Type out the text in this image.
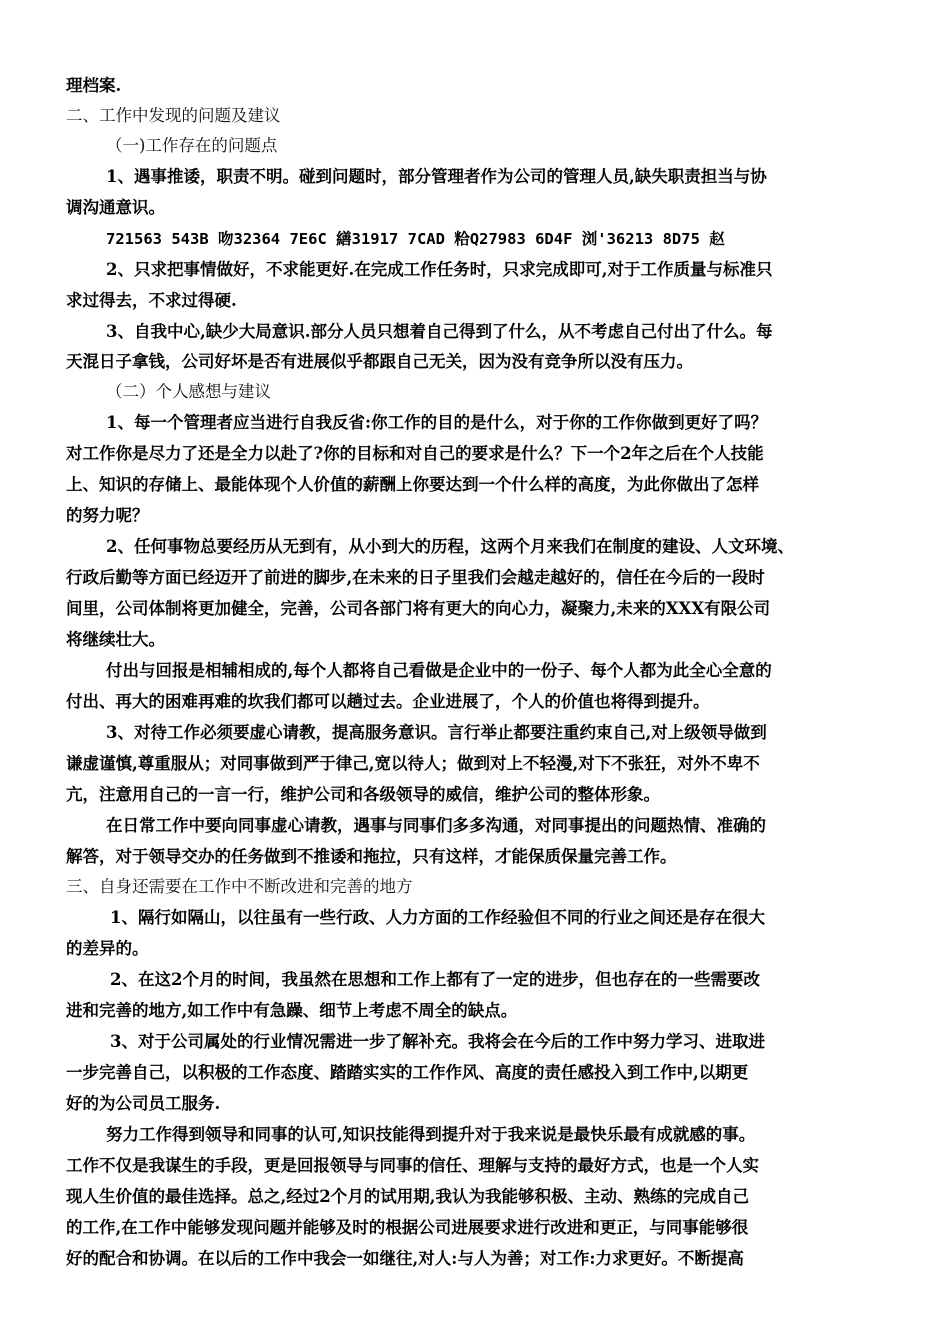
理档案.

二、工作中发现的问题及建议

（一)工作存在的问题点

1、遇事推诿，职责不明。碰到问题时，部分管理者作为公司的管理人员,缺失职责担当与协

调沟通意识。

721563 543B 吻32364 7E6C 繕31917 7CAD 粭Q27983 6D4F 浏'36213 8D75 赵

2、只求把事情做好，不求能更好.在完成工作任务时，只求完成即可,对于工作质量与标准只

求过得去，不求过得硬.

3、自我中心,缺少大局意识.部分人员只想着自己得到了什么，从不考虑自己付出了什么。每

天混日子拿钱，公司好坏是否有进展似乎都跟自己无关，因为没有竞争所以没有压力。

（二）个人感想与建议

1、每一个管理者应当进行自我反省:你工作的目的是什么，对于你的工作你做到更好了吗？

对工作你是尽力了还是全力以赴了?你的目标和对自己的要求是什么？下一个2年之后在个人技能

上、知识的存储上、最能体现个人价值的薪酬上你要达到一个什么样的高度，为此你做出了怎样

的努力呢？

2、任何事物总要经历从无到有，从小到大的历程，这两个月来我们在制度的建设、人文环境、

行政后勤等方面已经迈开了前进的脚步,在未来的日子里我们会越走越好的，信任在今后的一段时

间里，公司体制将更加健全，完善，公司各部门将有更大的向心力，凝聚力,未来的XXX有限公司

将继续壮大。

付出与回报是相辅相成的,每个人都将自己看做是企业中的一份子、每个人都为此全心全意的

付出、再大的困难再难的坎我们都可以趟过去。企业进展了，个人的价值也将得到提升。

3、对待工作必须要虚心请教，提高服务意识。言行举止都要注重约束自己,对上级领导做到

谦虚谨慎,尊重服从；对同事做到严于律己,宽以待人；做到对上不轻漫,对下不张狂，对外不卑不

亢，注意用自己的一言一行，维护公司和各级领导的威信，维护公司的整体形象。

在日常工作中要向同事虚心请教，遇事与同事们多多沟通，对同事提出的问题热情、准确的

解答，对于领导交办的任务做到不推诿和拖拉，只有这样，才能保质保量完善工作。

三、自身还需要在工作中不断改进和完善的地方

1、隔行如隔山，以往虽有一些行政、人力方面的工作经验但不同的行业之间还是存在很大

的差异的。

2、在这2个月的时间，我虽然在思想和工作上都有了一定的进步，但也存在的一些需要改

进和完善的地方,如工作中有急躁、细节上考虑不周全的缺点。

3、对于公司属处的行业情况需进一步了解补充。我将会在今后的工作中努力学习、进取进

一步完善自己，以积极的工作态度、踏踏实实的工作作风、高度的责任感投入到工作中,以期更

好的为公司员工服务.

努力工作得到领导和同事的认可,知识技能得到提升对于我来说是最快乐最有成就感的事。

工作不仅是我谋生的手段，更是回报领导与同事的信任、理解与支持的最好方式，也是一个人实

现人生价值的最佳选择。总之,经过2个月的试用期,我认为我能够积极、主动、熟练的完成自己

的工作,在工作中能够发现问题并能够及时的根据公司进展要求进行改进和更正，与同事能够很

好的配合和协调。在以后的工作中我会一如继往,对人:与人为善；对工作:力求更好。不断提高
